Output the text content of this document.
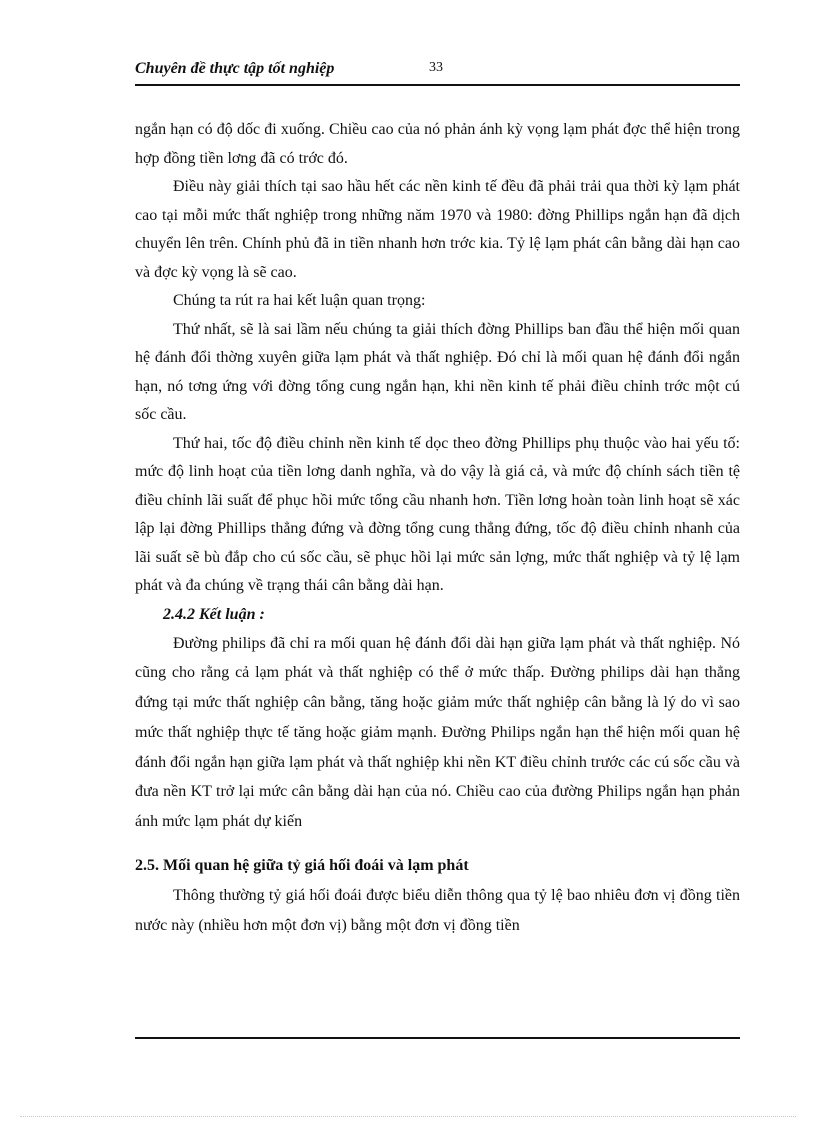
Chuyên đề thực tập tốt nghiệp	33

ngắn hạn có độ dốc đi xuống. Chiều cao của nó phản ánh kỳ vọng lạm phát đợc thể hiện trong hợp đồng tiền lơng đã có trớc đó.

Điều này giải thích tại sao hầu hết các nền kinh tế đều đã phải trải qua thời kỳ lạm phát cao tại mỗi mức thất nghiệp trong những năm 1970 và 1980: đờng Phillips ngắn hạn đã dịch chuyển lên trên. Chính phủ đã in tiền nhanh hơn trớc kia. Tỷ lệ lạm phát cân bằng dài hạn cao và đợc kỳ vọng là sẽ cao.

Chúng ta rút ra hai kết luận quan trọng:

Thứ nhất, sẽ là sai lầm nếu chúng ta giải thích đờng Phillips ban đầu thể hiện mối quan hệ đánh đổi thờng xuyên giữa lạm phát và thất nghiệp. Đó chỉ là mối quan hệ đánh đổi ngắn hạn, nó tơng ứng với đờng tổng cung ngắn hạn, khi nền kinh tế phải điều chỉnh trớc một cú sốc cầu.

Thứ hai, tốc độ điều chỉnh nền kinh tế dọc theo đờng Phillips phụ thuộc vào hai yếu tố: mức độ linh hoạt của tiền lơng danh nghĩa, và do vậy là giá cả, và mức độ chính sách tiền tệ điều chỉnh lãi suất để phục hồi mức tổng cầu nhanh hơn. Tiền lơng hoàn toàn linh hoạt sẽ xác lập lại đờng Phillips thẳng đứng và đờng tổng cung thẳng đứng, tốc độ điều chỉnh nhanh của lãi suất sẽ bù đắp cho cú sốc cầu, sẽ phục hồi lại mức sản lợng, mức thất nghiệp và tỷ lệ lạm phát và đa chúng về trạng thái cân bằng dài hạn.

2.4.2 Kết luận :

Đường philips đã chỉ ra mối quan hệ đánh đổi dài hạn giữa lạm phát và thất nghiệp. Nó cũng cho rằng cả lạm phát và thất nghiệp có thể ở mức thấp. Đường philips dài hạn thẳng đứng tại mức thất nghiệp cân bằng, tăng hoặc giảm mức thất nghiệp cân bằng là lý do vì sao mức thất nghiệp thực tế tăng hoặc giảm mạnh. Đường Philips ngắn hạn thể hiện mối quan hệ đánh đổi ngắn hạn giữa lạm phát và thất nghiệp khi nền KT điều chỉnh trước các cú sốc cầu và đưa nền KT trở lại mức cân bằng dài hạn của nó. Chiều cao của đường Philips ngắn hạn phản ánh mức lạm phát dự kiến

2.5. Mối quan hệ giữa tỷ giá hối đoái và lạm phát

Thông thường tỷ giá hối đoái được biểu diễn thông qua tỷ lệ bao nhiêu đơn vị đồng tiền nước này (nhiều hơn một đơn vị) bằng một đơn vị đồng tiền
